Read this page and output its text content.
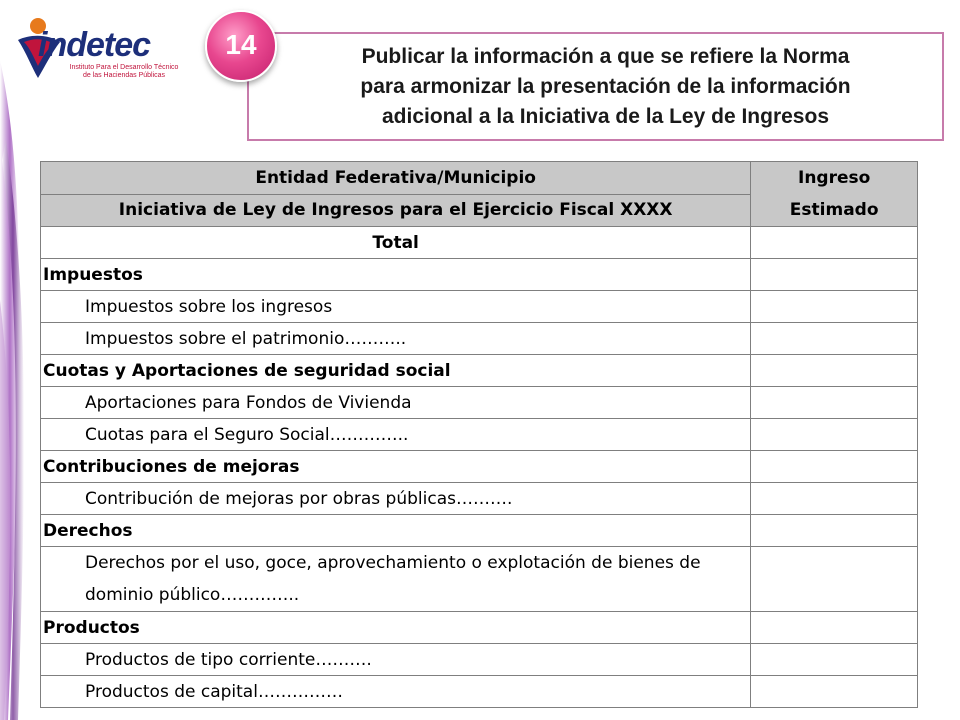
indetec
Instituto Para el Desarrollo Técnico
de las Haciendas Públicas
Publicar la información a que se refiere la Norma
para armonizar la presentación de la información
adicional a la Iniciativa de la Ley de Ingresos
14
Entidad Federativa/Municipio	Ingreso Estimado
Iniciativa de Ley de Ingresos para el Ejercicio Fiscal XXXX	
Total	
Impuestos	
Impuestos sobre los ingresos	
Impuestos sobre el patrimonio………..	
Cuotas y Aportaciones de seguridad social	
Aportaciones para Fondos de Vivienda	
Cuotas para el Seguro Social…………..	
Contribuciones de mejoras	
Contribución de mejoras por obras públicas……….	
Derechos	
Derechos por el uso, goce, aprovechamiento o explotación de bienes de dominio público…………..	
Productos	
Productos de tipo corriente……….	
Productos de capital……………	
